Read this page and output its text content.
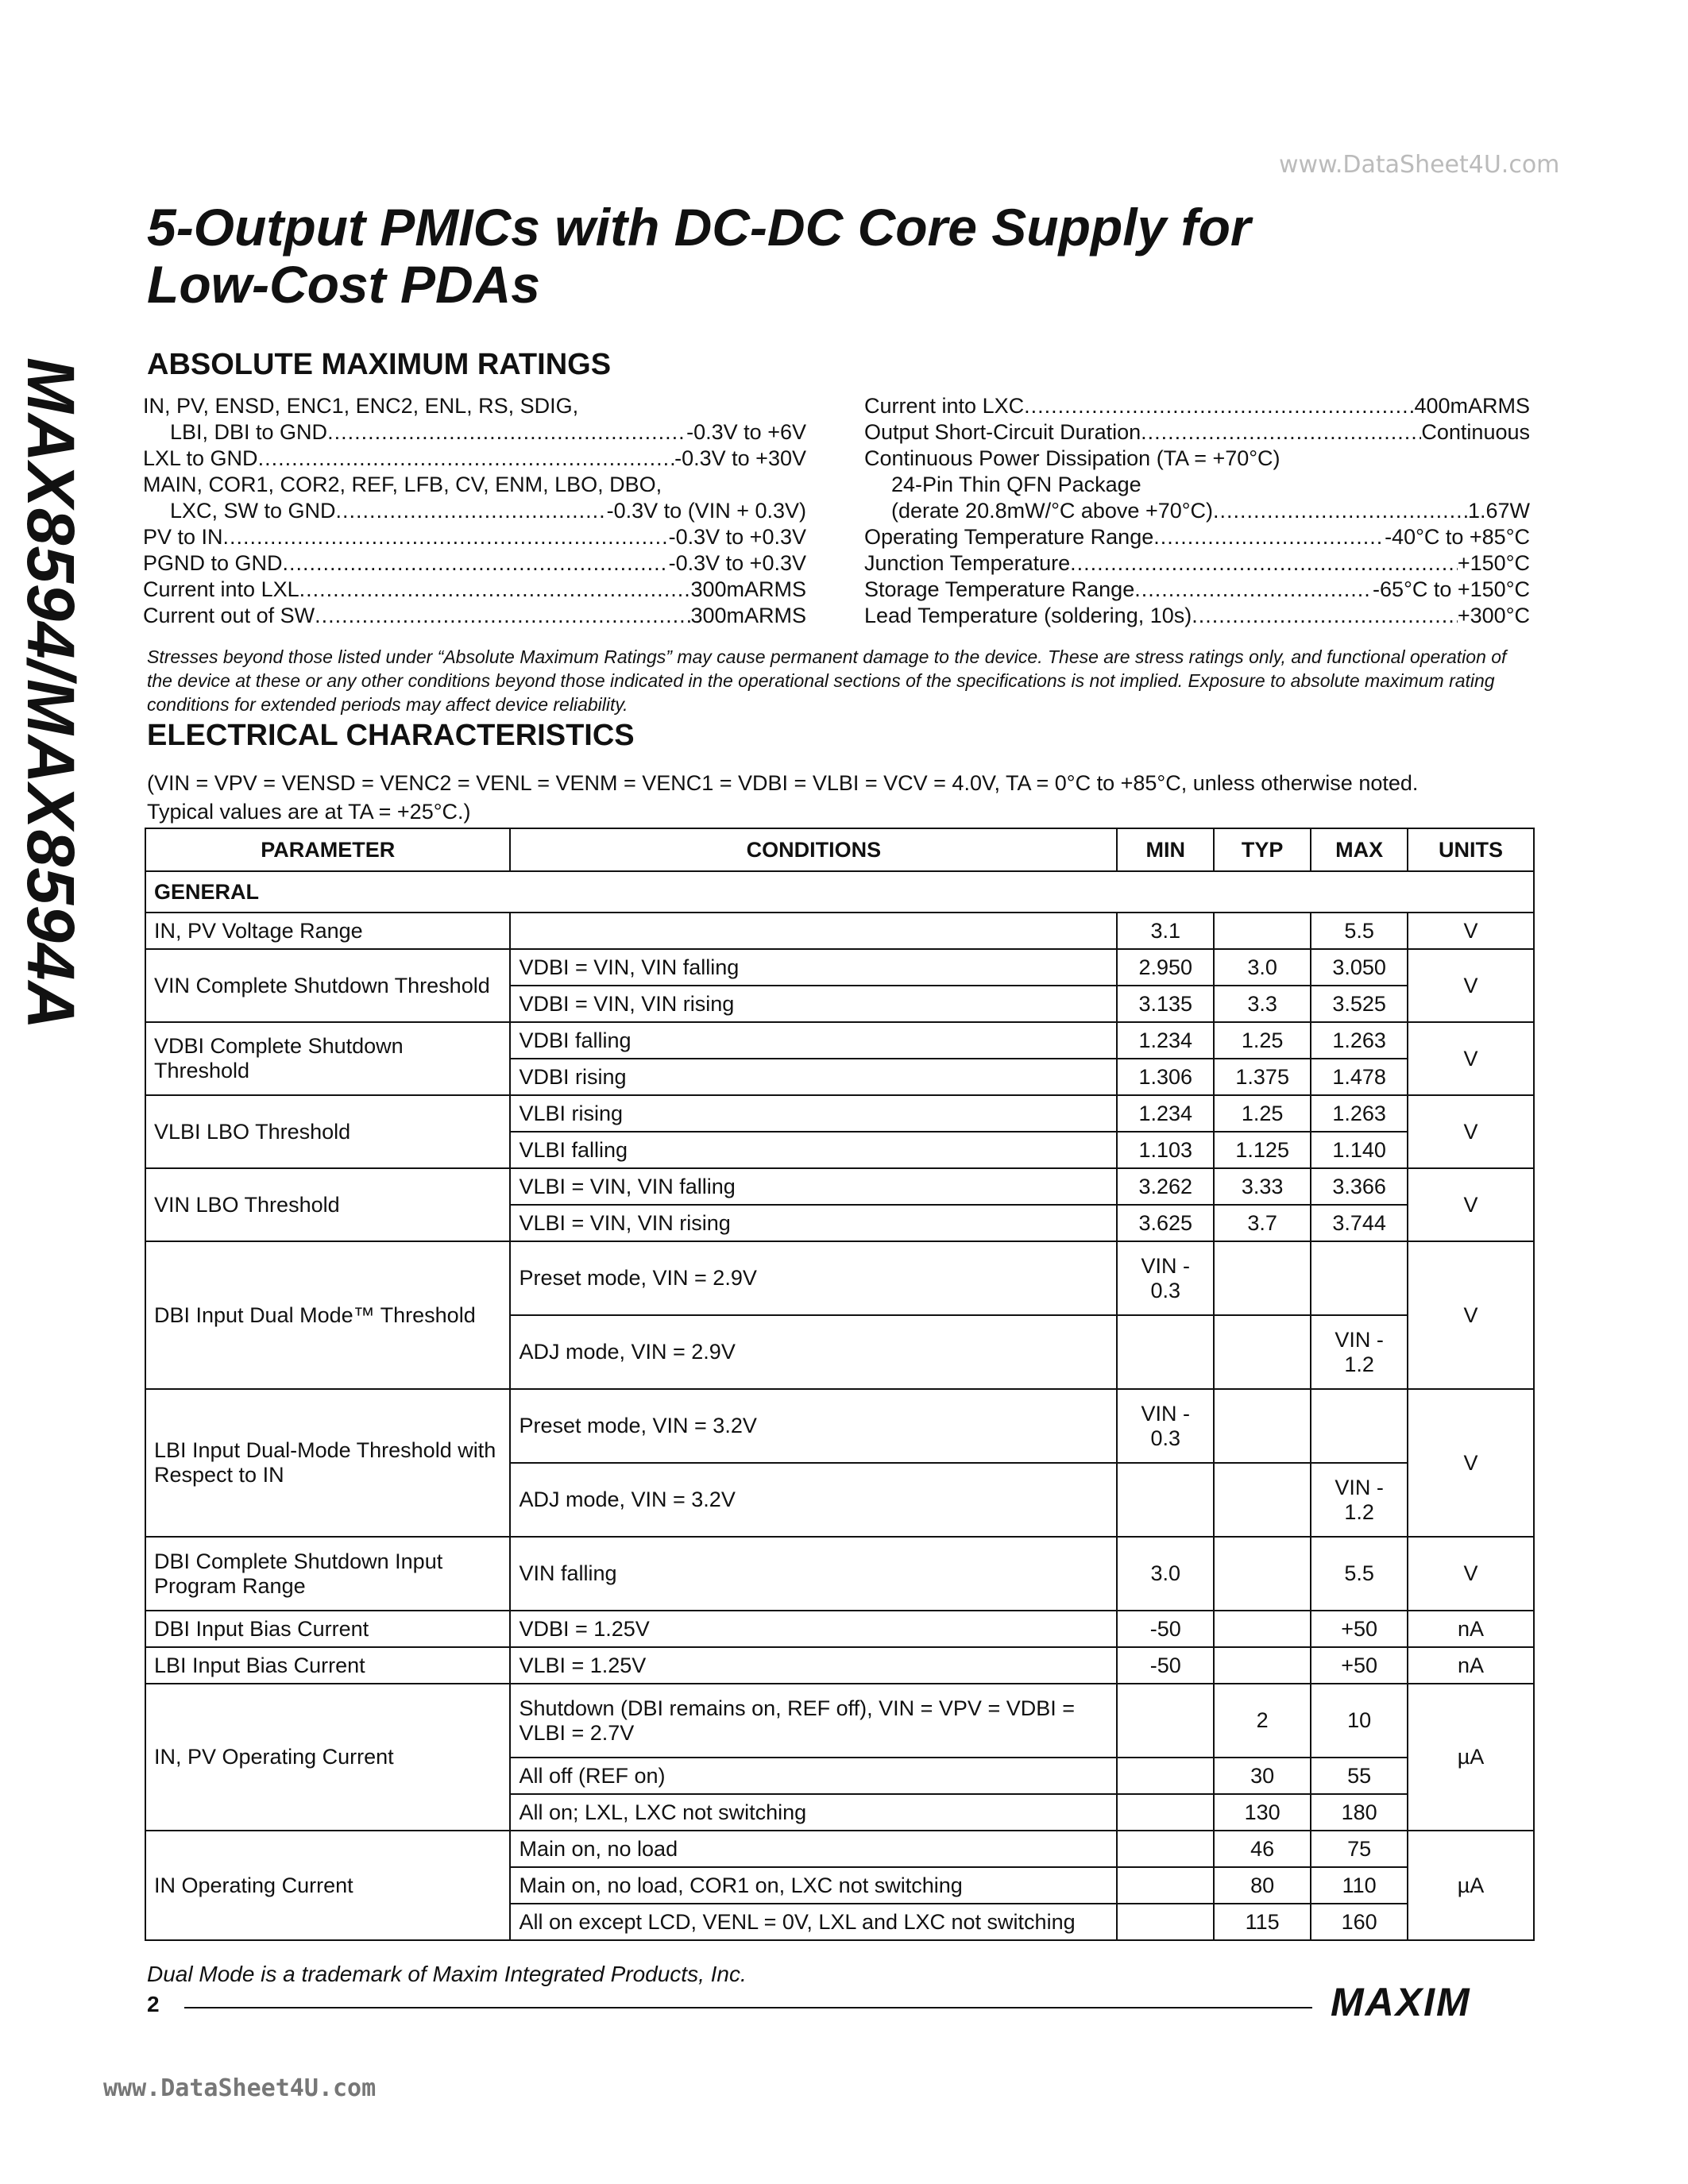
www.DataSheet4U.com
5-Output PMICs with DC-DC Core Supply for
Low-Cost PDAs
MAX8594/MAX8594A ABSOLUTE MAXIMUM RATINGS
IN, PV, ENSD, ENC1, ENC2, ENL, RS, SDIG,
LBI, DBI to GND .....	-0.3V to +6V
LXL to GND .....	-0.3V to +30V
MAIN, COR1, COR2, REF, LFB, CV, ENM, LBO, DBO,
LXC, SW to GND .....	-0.3V to (VIN + 0.3V)
PV to IN .....	-0.3V to +0.3V
PGND to GND .....	-0.3V to +0.3V
Current into LXL .....	300mARMS
Current out of SW .....	300mARMS
Current into LXC .....	400mARMS
Output Short-Circuit Duration .....	Continuous
Continuous Power Dissipation (TA = +70°C)
24-Pin Thin QFN Package
(derate 20.8mW/°C above +70°C) .....	1.67W
Operating Temperature Range .....	-40°C to +85°C
Junction Temperature .....	+150°C
Storage Temperature Range .....	-65°C to +150°C
Lead Temperature (soldering, 10s) .....	+300°C
Stresses beyond those listed under “Absolute Maximum Ratings” may cause permanent damage to the device. These are stress ratings only, and functional operation of the device at these or any other conditions beyond those indicated in the operational sections of the specifications is not implied. Exposure to absolute maximum rating conditions for extended periods may affect device reliability.
ELECTRICAL CHARACTERISTICS
(VIN = VPV = VENSD = VENC2 = VENL = VENM = VENC1 = VDBI = VLBI = VCV = 4.0V, TA = 0°C to +85°C, unless otherwise noted.
Typical values are at TA = +25°C.)
PARAMETER	CONDITIONS	MIN	TYP	MAX	UNITS
GENERAL					
IN, PV Voltage Range		3.1		5.5	V
VIN Complete Shutdown Threshold	VDBI = VIN, VIN falling	2.950	3.0	3.050	V
	VDBI = VIN, VIN rising	3.135	3.3	3.525	
VDBI Complete Shutdown Threshold	VDBI falling	1.234	1.25	1.263	V
	VDBI rising	1.306	1.375	1.478	
VLBI LBO Threshold	VLBI rising	1.234	1.25	1.263	V
	VLBI falling	1.103	1.125	1.140	
VIN LBO Threshold	VLBI = VIN, VIN falling	3.262	3.33	3.366	V
	VLBI = VIN, VIN rising	3.625	3.7	3.744	
DBI Input Dual Mode™ Threshold	Preset mode, VIN = 2.9V	VIN - 0.3			V
	ADJ mode, VIN = 2.9V			VIN - 1.2	
LBI Input Dual-Mode Threshold with Respect to IN	Preset mode, VIN = 3.2V	VIN - 0.3			V
	ADJ mode, VIN = 3.2V			VIN - 1.2	
DBI Complete Shutdown Input Program Range	VIN falling	3.0		5.5	V
DBI Input Bias Current	VDBI = 1.25V	-50		+50	nA
LBI Input Bias Current	VLBI = 1.25V	-50		+50	nA
IN, PV Operating Current	Shutdown (DBI remains on, REF off), VIN = VPV = VDBI = VLBI = 2.7V		2	10	µA
	All off (REF on)		30	55	
	All on; LXL, LXC not switching		130	180	
IN Operating Current	Main on, no load		46	75	µA
	Main on, no load, COR1 on, LXC not switching		80	110	
	All on except LCD, VENL = 0V, LXL and LXC not switching		115	160	
Dual Mode is a trademark of Maxim Integrated Products, Inc.
2	MAXIM
www.DataSheet4U.com
